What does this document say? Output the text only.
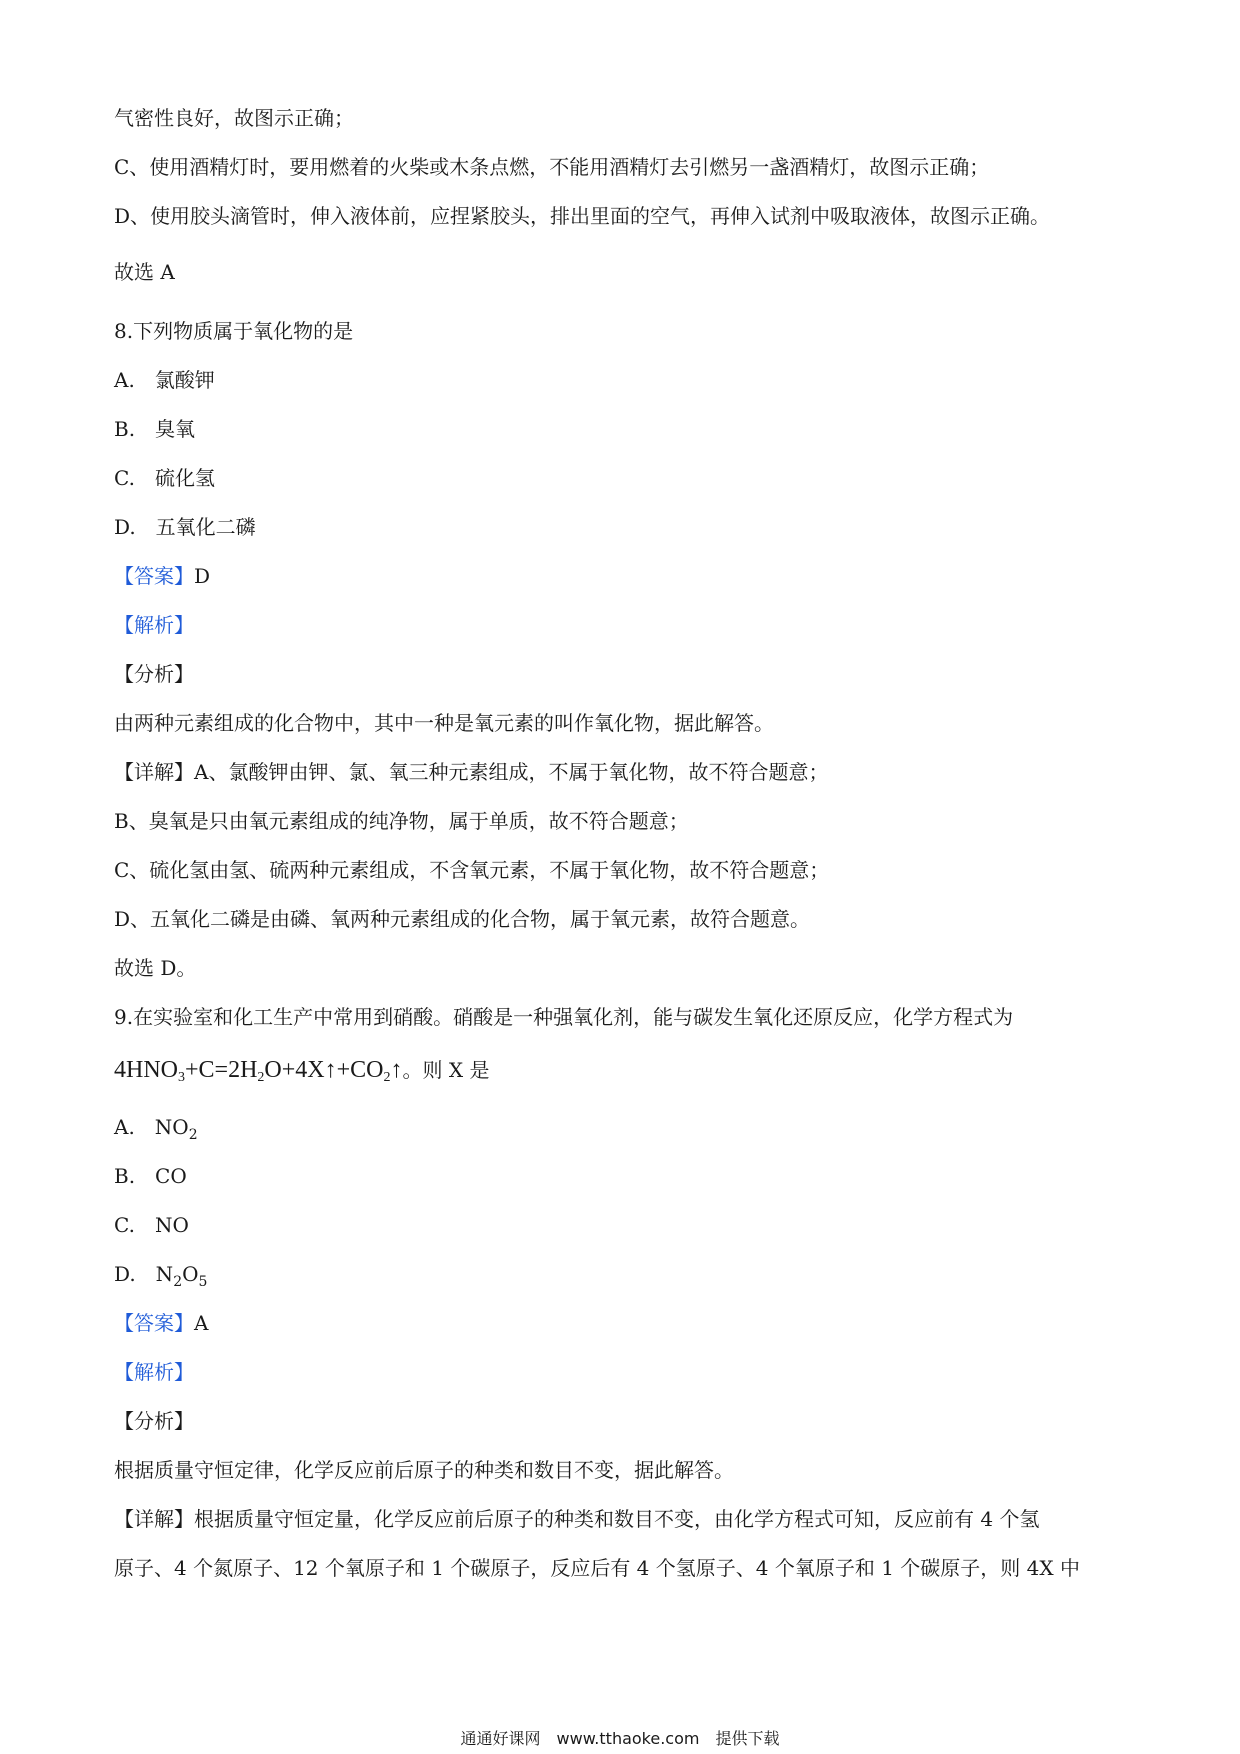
气密性良好，故图示正确；
C、使用酒精灯时，要用燃着的火柴或木条点燃，不能用酒精灯去引燃另一盏酒精灯，故图示正确；
D、使用胶头滴管时，伸入液体前，应捏紧胶头，排出里面的空气，再伸入试剂中吸取液体，故图示正确。
故选 A
8.下列物质属于氧化物的是
A.　氯酸钾
B.　臭氧
C.　硫化氢
D.　五氧化二磷
【答案】D
【解析】
【分析】
由两种元素组成的化合物中，其中一种是氧元素的叫作氧化物，据此解答。
【详解】A、氯酸钾由钾、氯、氧三种元素组成，不属于氧化物，故不符合题意；
B、臭氧是只由氧元素组成的纯净物，属于单质，故不符合题意；
C、硫化氢由氢、硫两种元素组成，不含氧元素，不属于氧化物，故不符合题意；
D、五氧化二磷是由磷、氧两种元素组成的化合物，属于氧元素，故符合题意。
故选 D。
9.在实验室和化工生产中常用到硝酸。硝酸是一种强氧化剂，能与碳发生氧化还原反应，化学方程式为
$4HNO_3+C=2H_2O+4X↑+CO_2↑$。则 X 是
A.　$NO_2$
B.　CO
C.　NO
D.　$N_2O_5$
【答案】A
【解析】
【分析】
根据质量守恒定律，化学反应前后原子的种类和数目不变，据此解答。
【详解】根据质量守恒定量，化学反应前后原子的种类和数目不变，由化学方程式可知，反应前有 4 个氢
原子、4 个氮原子、12 个氧原子和 1 个碳原子，反应后有 4 个氢原子、4 个氧原子和 1 个碳原子，则 4X 中
通通好课网　www.tthaoke.com　提供下载
